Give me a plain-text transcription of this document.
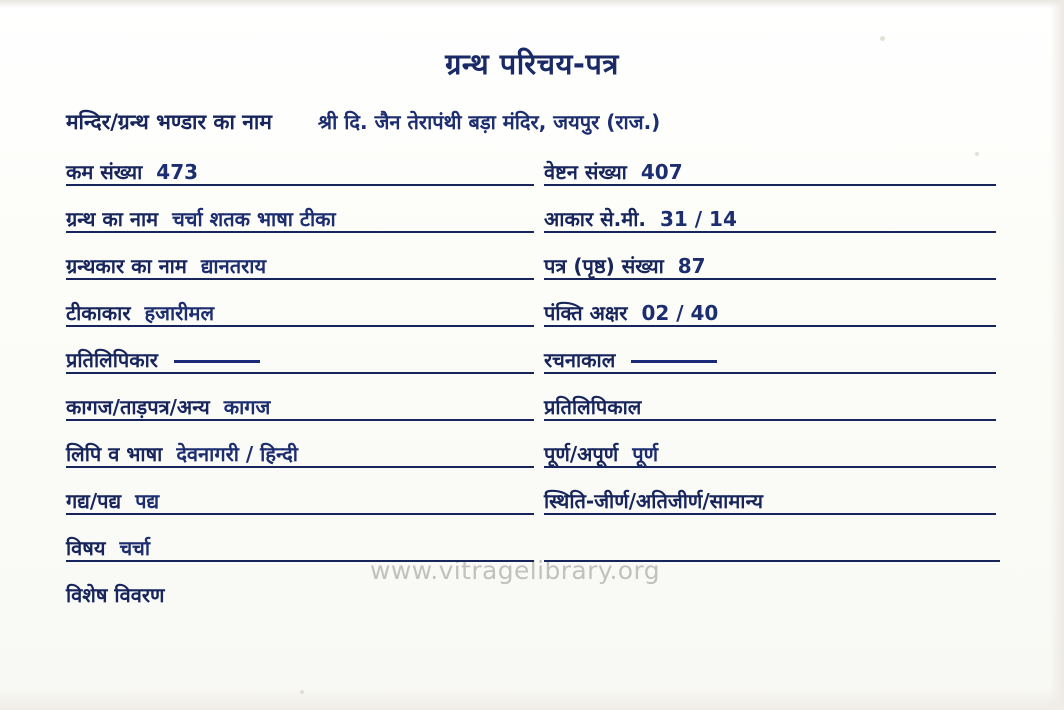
ग्रन्थ परिचय-पत्र
मन्दिर/ग्रन्थ भण्डार का नाम श्री दि. जैन तेरापंथी बड़ा मंदिर, जयपुर (राज.)
कम संख्या 473	वेष्टन संख्या 407
ग्रन्थ का नाम चर्चा शतक भाषा टीका	आकार से.मी. 31 / 14
ग्रन्थकार का नाम द्यानतराय	पत्र (पृष्ठ) संख्या 87
टीकाकार हजारीमल	पंक्ति अक्षर 02 / 40
प्रतिलिपिकार	रचनाकाल
कागज/ताड़पत्र/अन्य कागज	प्रतिलिपिकाल
लिपि व भाषा देवनागरी / हिन्दी	पूर्ण/अपूर्ण पूर्ण
गद्य/पद्य पद्य	स्थिति-जीर्ण/अतिजीर्ण/सामान्य
विषय चर्चा
विशेष विवरण
www.vitragelibrary.org
